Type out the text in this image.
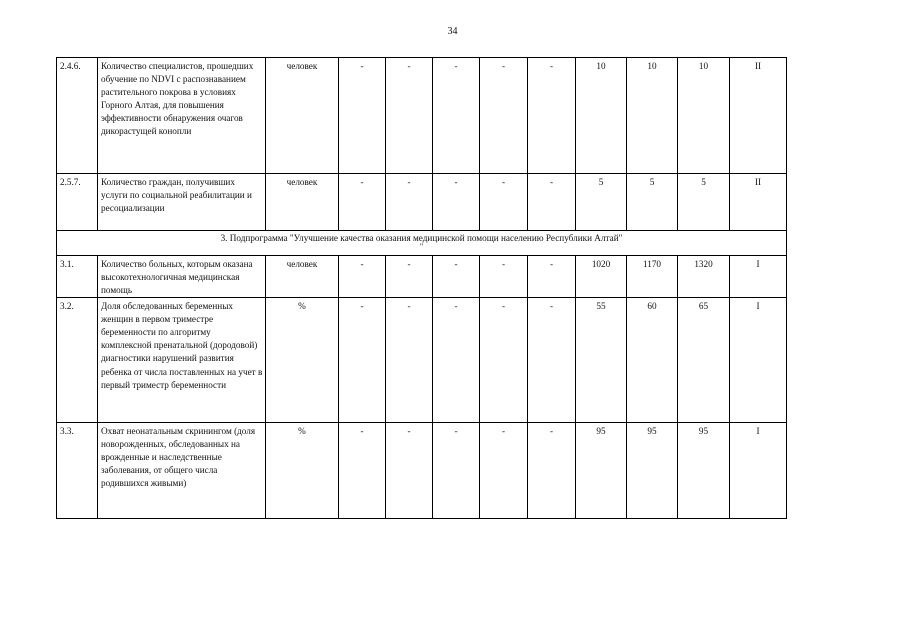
34
2.4.6.	Количество специалистов, прошедших обучение по NDVI с распознаванием растительного покрова в условиях Горного Алтая, для повышения эффективности обнаружения очагов дикорастущей конопли	человек	-	-	-	-	-	10	10	10	II
2.5.7.	Количество граждан, получивших услуги по социальной реабилитации и ресоциализации	человек	-	-	-	-	-	5	5	5	II
3. Подпрограмма "Улучшение качества оказания медицинской помощи населению Республики Алтай"
"											

3.1.	Количество больных, которым оказана высокотехнологичная медицинская помощь	человек	-	-	-	-	-	1020	1170	1320	I
3.2.	Доля обследованных беременных женщин в первом триместре беременности по алгоритму комплексной пренатальной (дородовой) диагностики нарушений развития ребенка от числа поставленных на учет в первый триместр беременности	%	-	-	-	-	-	55	60	65	I
3.3.	Охват неонатальным скринингом (доля новорожденных, обследованных на врожденные и наследственные заболевания, от общего числа родившихся живыми)	%	-	-	-	-	-	95	95	95	I
